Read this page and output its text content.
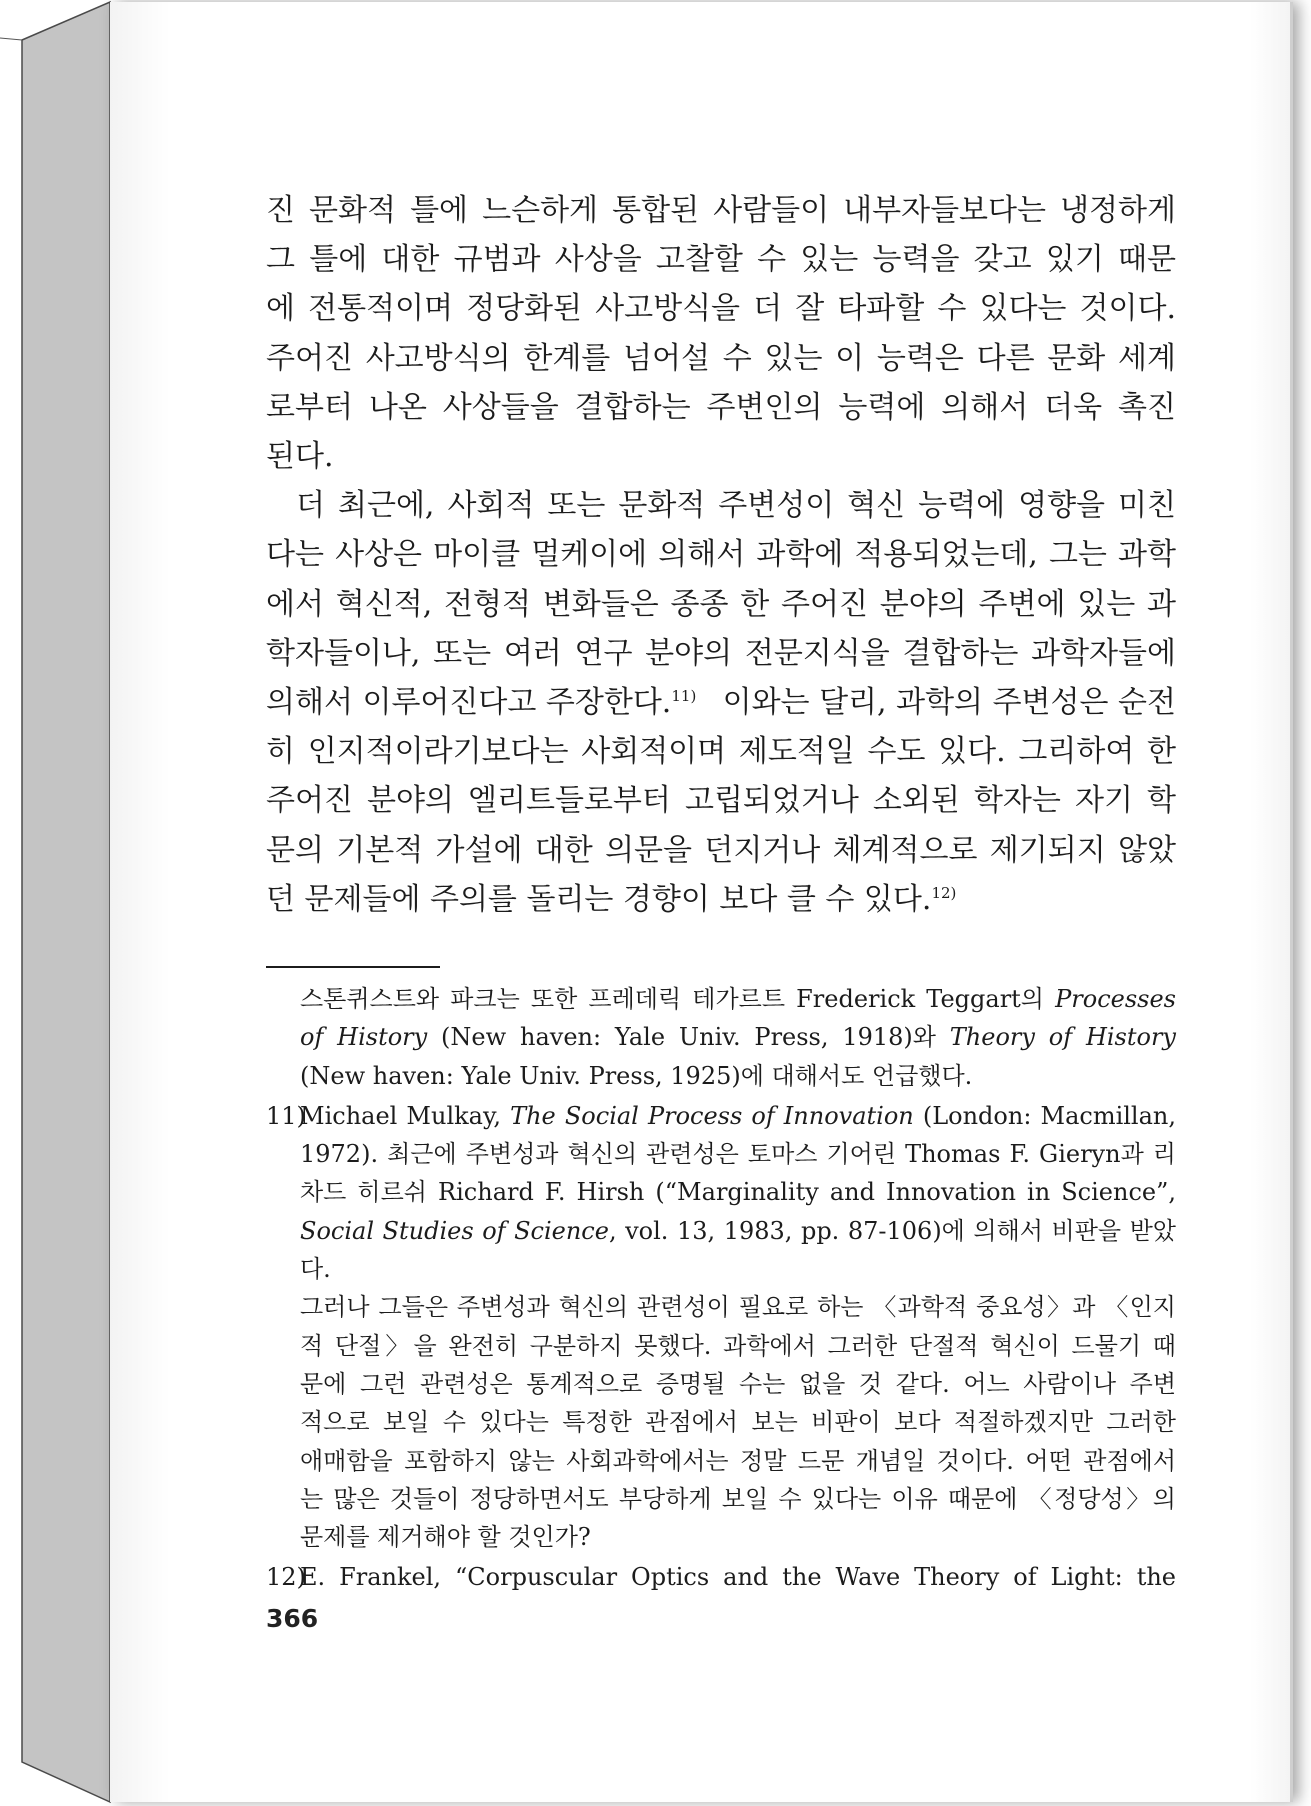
진 문화적 틀에 느슨하게 통합된 사람들이 내부자들보다는 냉정하게
그 틀에 대한 규범과 사상을 고찰할 수 있는 능력을 갖고 있기 때문
에 전통적이며 정당화된 사고방식을 더 잘 타파할 수 있다는 것이다.
주어진 사고방식의 한계를 넘어설 수 있는 이 능력은 다른 문화 세계
로부터 나온 사상들을 결합하는 주변인의 능력에 의해서 더욱 촉진
된다.

더 최근에, 사회적 또는 문화적 주변성이 혁신 능력에 영향을 미친
다는 사상은 마이클 멀케이에 의해서 과학에 적용되었는데, 그는 과학
에서 혁신적, 전형적 변화들은 종종 한 주어진 분야의 주변에 있는 과
학자들이나, 또는 여러 연구 분야의 전문지식을 결합하는 과학자들에
의해서 이루어진다고 주장한다.$^{11)}$ 이와는 달리, 과학의 주변성은 순전
히 인지적이라기보다는 사회적이며 제도적일 수도 있다. 그리하여 한
주어진 분야의 엘리트들로부터 고립되었거나 소외된 학자는 자기 학
문의 기본적 가설에 대한 의문을 던지거나 체계적으로 제기되지 않았
던 문제들에 주의를 돌리는 경향이 보다 클 수 있다.$^{12)}$

스톤퀴스트와 파크는 또한 프레데릭 테가르트 Frederick Teggart의 Processes
of History (New haven: Yale Univ. Press, 1918)와 Theory of History
(New haven: Yale Univ. Press, 1925)에 대해서도 언급했다.
11)Michael Mulkay, The Social Process of Innovation (London: Macmillan,
1972). 최근에 주변성과 혁신의 관련성은 토마스 기어린 Thomas F. Gieryn과 리
차드 히르쉬 Richard F. Hirsh (“Marginality and Innovation in Science”,
Social Studies of Science, vol. 13, 1983, pp. 87-106)에 의해서 비판을 받았다.
그러나 그들은 주변성과 혁신의 관련성이 필요로 하는 〈과학적 중요성〉과 〈인지
적 단절〉을 완전히 구분하지 못했다. 과학에서 그러한 단절적 혁신이 드물기 때
문에 그런 관련성은 통계적으로 증명될 수는 없을 것 같다. 어느 사람이나 주변
적으로 보일 수 있다는 특정한 관점에서 보는 비판이 보다 적절하겠지만 그러한
애매함을 포함하지 않는 사회과학에서는 정말 드문 개념일 것이다. 어떤 관점에서
는 많은 것들이 정당하면서도 부당하게 보일 수 있다는 이유 때문에 〈정당성〉의
문제를 제거해야 할 것인가?
12)E. Frankel, “Corpuscular Optics and the Wave Theory of Light: the
366
